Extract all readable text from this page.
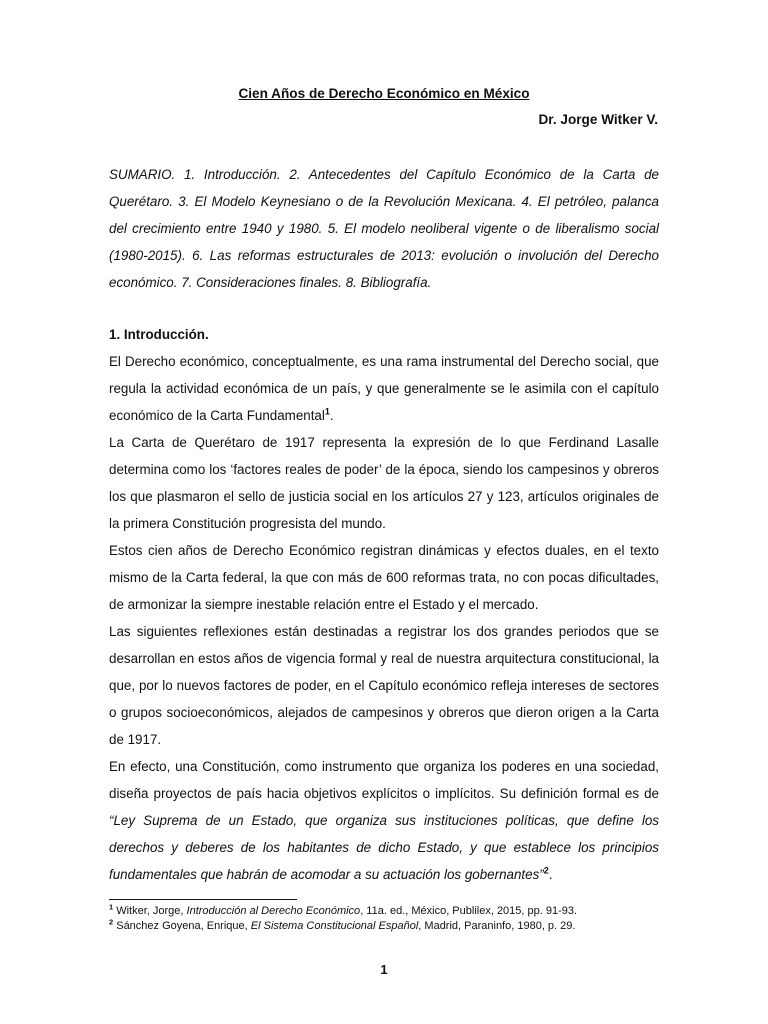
Cien Años de Derecho Económico en México
Dr. Jorge Witker V.
SUMARIO. 1. Introducción. 2. Antecedentes del Capítulo Económico de la Carta de Querétaro. 3. El Modelo Keynesiano o de la Revolución Mexicana. 4. El petróleo, palanca del crecimiento entre 1940 y 1980. 5. El modelo neoliberal vigente o de liberalismo social (1980-2015). 6. Las reformas estructurales de 2013: evolución o involución del Derecho económico. 7. Consideraciones finales. 8. Bibliografía.

1. Introducción.

El Derecho económico, conceptualmente, es una rama instrumental del Derecho social, que regula la actividad económica de un país, y que generalmente se le asimila con el capítulo económico de la Carta Fundamental$^1$.

La Carta de Querétaro de 1917 representa la expresión de lo que Ferdinand Lasalle determina como los ‘factores reales de poder’ de la época, siendo los campesinos y obreros los que plasmaron el sello de justicia social en los artículos 27 y 123, artículos originales de la primera Constitución progresista del mundo.

Estos cien años de Derecho Económico registran dinámicas y efectos duales, en el texto mismo de la Carta federal, la que con más de 600 reformas trata, no con pocas dificultades, de armonizar la siempre inestable relación entre el Estado y el mercado.

Las siguientes reflexiones están destinadas a registrar los dos grandes periodos que se desarrollan en estos años de vigencia formal y real de nuestra arquitectura constitucional, la que, por lo nuevos factores de poder, en el Capítulo económico refleja intereses de sectores o grupos socioeconómicos, alejados de campesinos y obreros que dieron origen a la Carta de 1917.

En efecto, una Constitución, como instrumento que organiza los poderes en una sociedad, diseña proyectos de país hacia objetivos explícitos o implícitos. Su definición formal es de “Ley Suprema de un Estado, que organiza sus instituciones políticas, que define los derechos y deberes de los habitantes de dicho Estado, y que establece los principios fundamentales que habrán de acomodar a su actuación los gobernantes”$^2$.

$^1$ Witker, Jorge, Introducción al Derecho Económico, 11a. ed., México, Publilex, 2015, pp. 91-93.
$^2$ Sánchez Goyena, Enrique, El Sistema Constitucional Español, Madrid, Paraninfo, 1980, p. 29.
1
